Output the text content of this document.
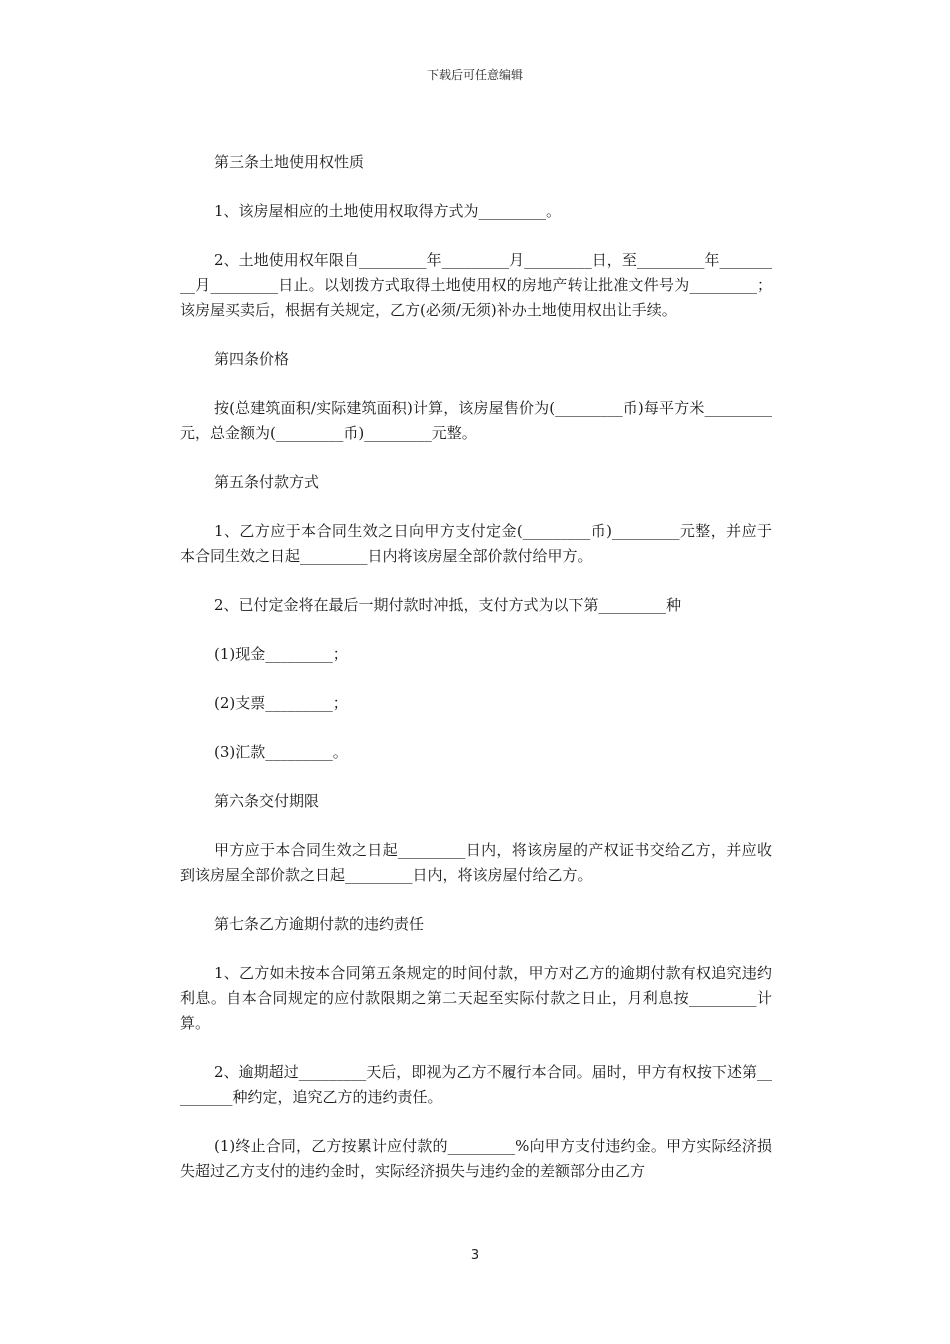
下载后可任意编辑

第三条土地使用权性质

1、该房屋相应的土地使用权取得方式为_________。

2、土地使用权年限自_________年_________月_________日，至_________年_________月_________日止。以划拨方式取得土地使用权的房地产转让批准文件号为_________；该房屋买卖后，根据有关规定，乙方(必须/无须)补办土地使用权出让手续。

第四条价格

按(总建筑面积/实际建筑面积)计算，该房屋售价为(_________币)每平方米_________元，总金额为(_________币)_________元整。

第五条付款方式

1、乙方应于本合同生效之日向甲方支付定金(_________币)_________元整，并应于本合同生效之日起_________日内将该房屋全部价款付给甲方。

2、已付定金将在最后一期付款时冲抵，支付方式为以下第_________种

(1)现金_________；

(2)支票_________；

(3)汇款_________。

第六条交付期限

甲方应于本合同生效之日起_________日内，将该房屋的产权证书交给乙方，并应收到该房屋全部价款之日起_________日内，将该房屋付给乙方。

第七条乙方逾期付款的违约责任

1、乙方如未按本合同第五条规定的时间付款，甲方对乙方的逾期付款有权追究违约利息。自本合同规定的应付款限期之第二天起至实际付款之日止，月利息按_________计算。

2、逾期超过_________天后，即视为乙方不履行本合同。届时，甲方有权按下述第_________种约定，追究乙方的违约责任。

(1)终止合同，乙方按累计应付款的_________%向甲方支付违约金。甲方实际经济损失超过乙方支付的违约金时，实际经济损失与违约金的差额部分由乙方

3
